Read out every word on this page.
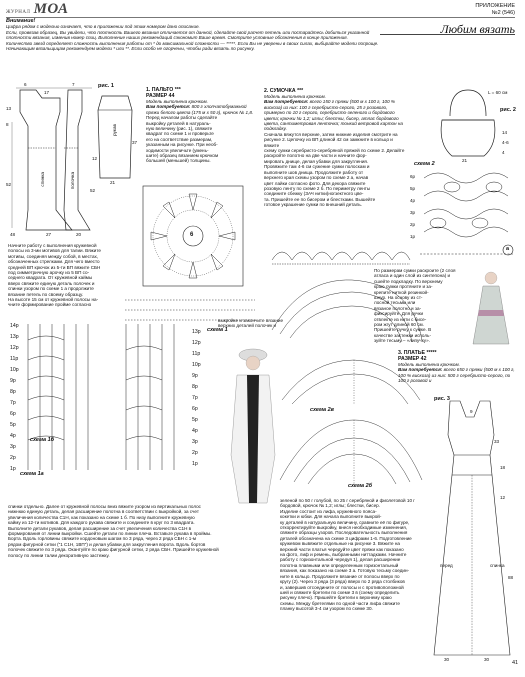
ЖУРНАЛ МОА	ПРИЛОЖЕНИЕ
№2 (546)
Любим вязать
Внимание!
Цифра рядом с моделью означает, что в приложении под этим номером дано описание.
Если, провязав образец, Вы увидели, что плотность Вашего вязания отличается от данной, сделайте свой расчет петель или постарайтесь добиться указанной
плотности вязания, изменив номер спиц. Выполнение наших рекомендаций сэкономит Ваше время. Смотрите условные обозначения в конце приложения.
Количество звезд определяет сложность выполнения работы от * до максимальной сложности — *****. Если Вы не уверены в своих силах, выбирайте модели попроще.
Начинающим вязальщицам рекомендуем модели * или **. Если особо не огорчены, чтобы ради вязать по рисунку.
рис. 1
спинка	полочка
рукав
6
17
7
13
8
37
52
12
52
21
27
48	20
1. ПАЛЬТО ***
РАЗМЕР 44
Модель выполнена крючком.
Вам потребуется: 800 г хлопчатобумажной пряжи белого цвета (175 м х 50 г), крючок № 1,8.
Перед началом работы сделайте
выкройку деталей в натураль-
ную величину (рис. 1), свяжите
квадрат по схеме 1 и проверьте
его на соответствие размерам,
указанным на рисунке. При необ-
ходимости увеличьте (умень-
шите) образец вязанием крючком
большей (меньшей) толщины.
Начните работу с выполнения кружевной
полосы из 3-ми мотивов для талии. Вяжите
мотивы, соединяя между собой, в местах,
обозначенных стрелками. Для чего вместо
средней ВП крючок из 5-ти ВП вяжите СБН
под симметричную арочку из 5 ВП со-
седнего квадрата. От кружевной каймы
вверх свяжите единую деталь полочек и
спинки узором по схеме 1 а продолжите
вязание петель по своему образцу.
На высоте 15 см от кружевной полосы на-
чните формирование пройме согласно
6
схема 1
14р
13р
12р
11р
10р
9р
8р
7р
6р
5р
4р
3р
2р
1р
13р
12р
11р
10р
9р
8р
7р
6р
5р
4р
3р
2р
1р
схема 1б
схема 1а
выкройке и закончите вязание
верхних деталей полочек и
спинки отдельно. Далее от кружевной полосы вниз вяжите узором из вертикальных полос
нижнюю единую деталь, делая расширение полотна в соответствии с выкройкой, за счет
увеличения количества С1Н, как показано на схеме 1 б. По низу выполните кружевную
кайму из 12-ти мотивов. Для каждого рукава свяжите и соедините в круг по 3 квадрата.
Выполните детали рукавов, делая расширение за счет увеличения количества С1Н в
формирования от линии выкройки. Сшейте детали по линии плеча. Вставьте рукава в проймы.
Борта. Вдоль горловины свяжите кордоновым шагом по 3 ряда, через 2 ряда СБН с 1-м
рядом фигурной сетки ("1 С1Н, 1ВП") и делая убавки для закругления ворота. Вдоль бортов
полочек свяжите по 3 ряда. Окантуйте по краю фигурной сетки, 2 ряда СБН. Пришейте кружевной
полосу по линии талии декоративную застежку.
2. СУМОЧКА ***
Модель выполнена крючком.
Вам потребуется: всего 150 г пряжи (500 м х 100 г, 100 % вискоза) из них: 100 г серебристо-серого, 25 г розового, примерно по 10 г серого, серебристо-зеленого и бордового цвета; крючки № 1,2; иглы; блестки, бисер, атлас бордового цвета, сантиметровая ленточка; тонкий ветровой картон на подкладку.
Сначала вяжутся верхние, затем нижние изделия смотрите на
рисунке 2. Цепочку из ВП длиной 42 см замкните в кольцо и вяжите
схему сумки серебристо-серебряной пряжей по схеме 2. Делайте
раскройте полотно на две части и начните фор-
мировать днище, делая убавки для закругления.
Провяжите там 4-6 см сужение сумки полоскам и
выполните шов днища. Продолжите работу от
верхнего края схемы узором по схеме 2 а, начав
цвет лайки согласно фото. Для декора свяжите
розовую ленту по схеме 2 б. По периметру ленты
соедините сбежку (ЗАЧ нитки)ногзектного цве-
та. Пришейте ее по бисером и блестками. Вышейте
готовое украшение сумки по внешний деталь.
L = 60 см
рис. 2
21
14
4-6
4
схема 2
6р
5р
4р
3р
2р
1р
а
схема 2в
схема 2б
По размерам сумки раскроите (2 слоя
атласа и один слой из синтепона) и
сшейте подкладку. По верхнему
краю сумки протяните и за-
крепите ниткой резинкой-
шнур. На основу из ст-
лосной тесьмы или
вязаное полотно и за-
фиксируйте. Для ручки
отвлекте из нити с бисе-
ром жгут длиной 60 см.
Пришейте ручку к сумке. В
качестве застежки исполь-
зуйте тесьму – «липучку».
3. ПЛАТЬЕ *****
РАЗМЕР 42
Модель выполнена крючком.
Вам потребуется: всего 650 г пряжи (500 м х 100 г, 100 % вискоза) из них: 500 г серебристо-серого, по 100 г розовой и
рис. 3
перед	спинка
33
18
9
30	30
88
12
41
зеленой по 50 г голубой, по 25 г серебряной и фиолетовой 10 г бордовой, крючок № 1,2; иглы; блестки, бисер.
Изделие состоит из лифа, кружевного пояса-
кокетки и юбки. Для начала выполните выкрой-
ку деталей в натуральную величину, сравните её по фигуре,
откорректируйте выкройку, внеся необходимые изменения,
свяжите образцы узоров. Последовательность выполнения
деталей обозначена на схеме 3 цифрами 1-6. Подготовление
кружевом вывяжите отдельные на рисунке 3. Вяжите на
верхний части платья чередуйте цвет пряжи как показано
на фото, лиф и ремень, выбранными ниттадками. Начните
работу с горизонтальной чередуя 1), делая расширение
полотна плавными или определенным горизонтальный
вязания, как показано на схеме 3 а. Готовую тесьму соедин-
ните в кольцо. Продолжите вязание от полосы вверх по
кругу (2). Через 3 ряда (3 ряда) вверх по 2 ряда столбиков
и, завершив отсоедините от полосы и с противоположной
шей и свяжите бретели по схеме 3 в (схему определить
рисунку плечо). Пришейте бретели к верхнему краю
схемы. Между бретелями по одной части лифа свяжите
планку высотой 3-4 см узором по схеме 30.
